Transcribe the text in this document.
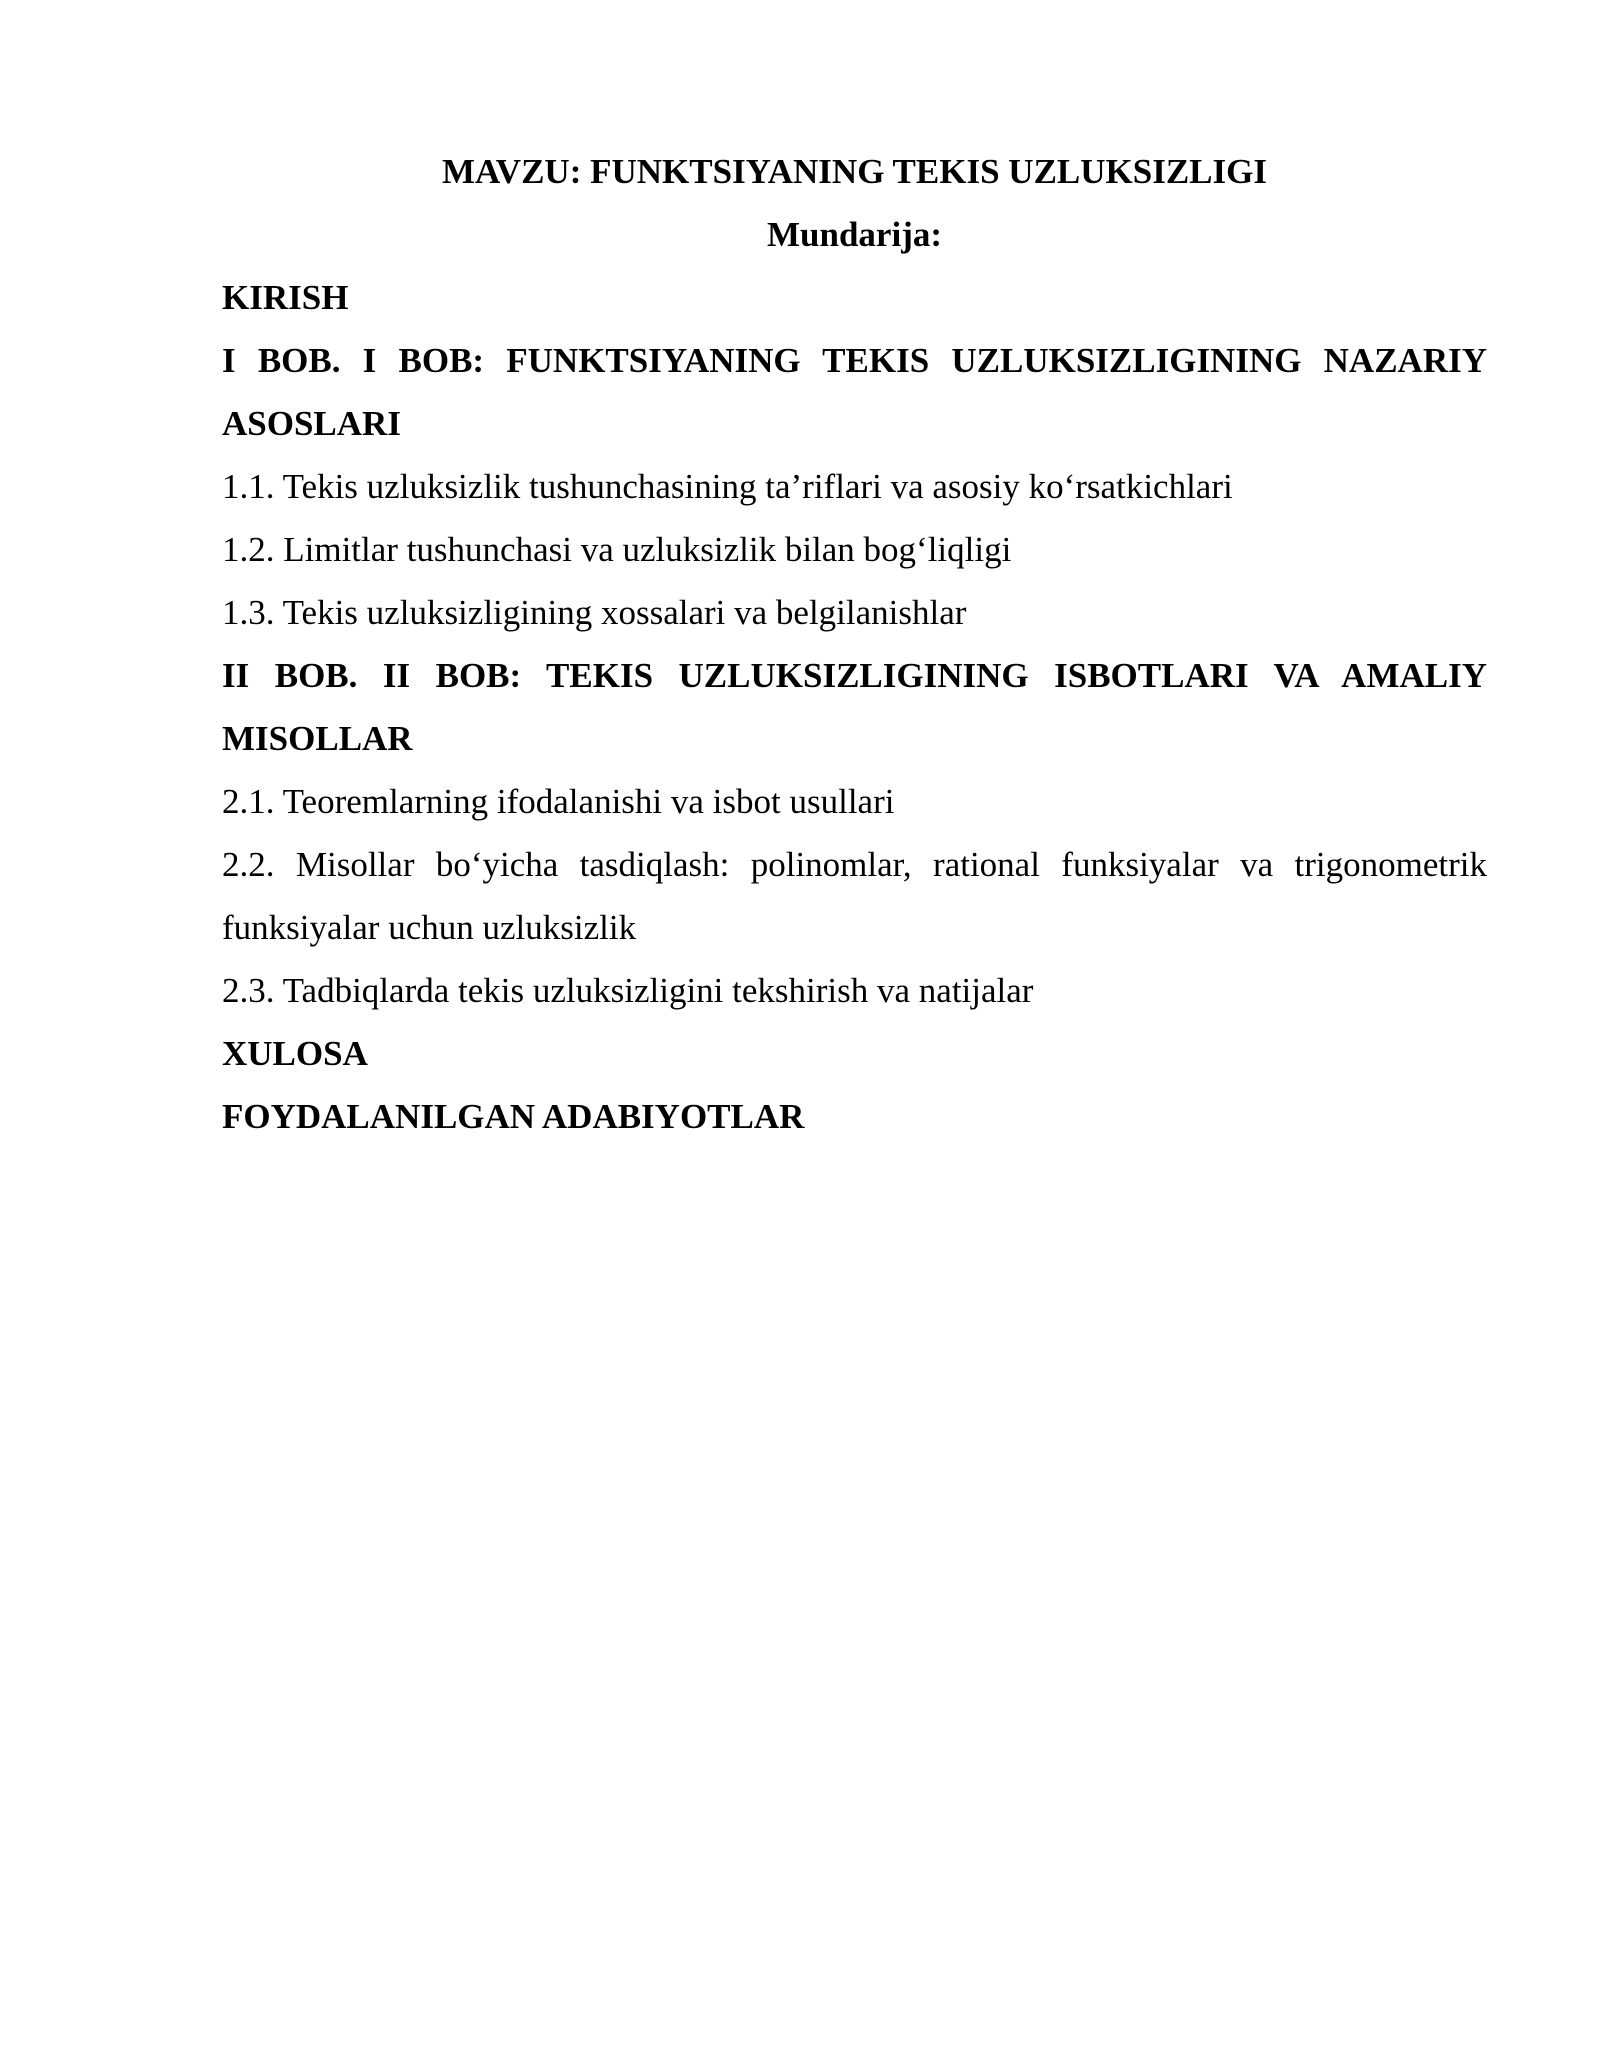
MAVZU: FUNKTSIYANING TEKIS UZLUKSIZLIGI

Mundarija:

KIRISH

I BOB. I BOB: FUNKTSIYANING TEKIS UZLUKSIZLIGINING NAZARIY ASOSLARI

1.1. Tekis uzluksizlik tushunchasining ta’riflari va asosiy ko‘rsatkichlari

1.2. Limitlar tushunchasi va uzluksizlik bilan bog‘liqligi

1.3. Tekis uzluksizligining xossalari va belgilanishlar

II BOB. II BOB: TEKIS UZLUKSIZLIGINING ISBOTLARI VA AMALIY MISOLLAR

2.1. Teoremlarning ifodalanishi va isbot usullari

2.2. Misollar bo‘yicha tasdiqlash: polinomlar, rational funksiyalar va trigonometrik funksiyalar uchun uzluksizlik

2.3. Tadbiqlarda tekis uzluksizligini tekshirish va natijalar

XULOSA

FOYDALANILGAN ADABIYOTLAR
